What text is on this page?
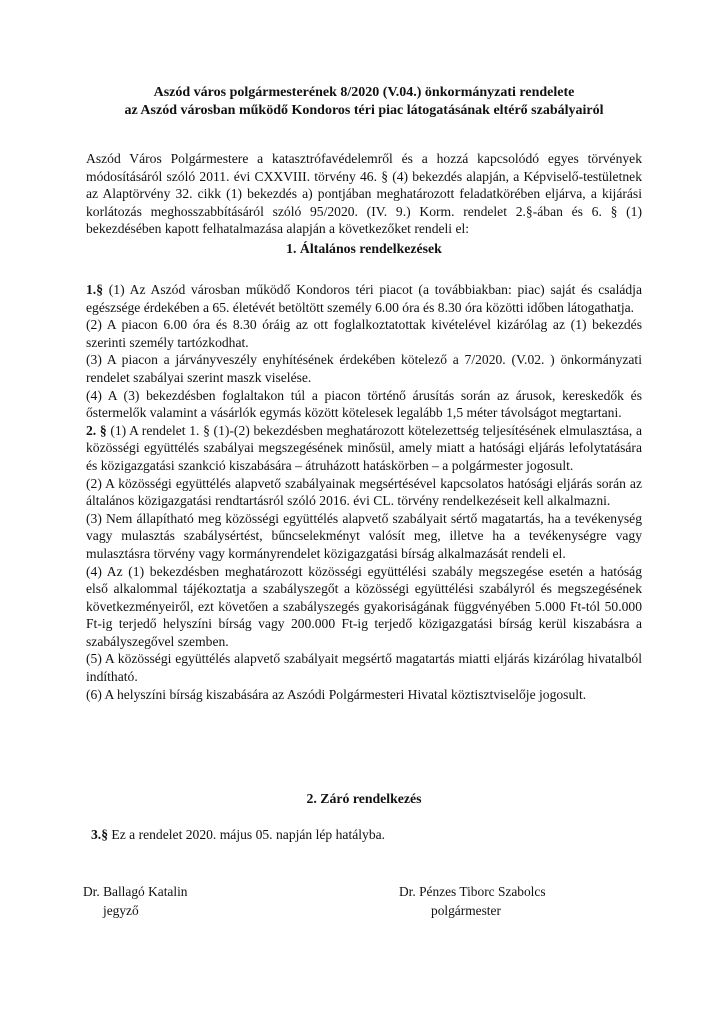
Aszód város polgármesterének 8/2020 (V.04.) önkormányzati rendelete
az Aszód városban működő Kondoros téri piac látogatásának eltérő szabályairól

Aszód Város Polgármestere a katasztrófavédelemről és a hozzá kapcsolódó egyes törvények módosításáról szóló 2011. évi CXXVIII. törvény 46. § (4) bekezdés alapján, a Képviselő-testületnek az Alaptörvény 32. cikk (1) bekezdés a) pontjában meghatározott feladatkörében eljárva, a kijárási korlátozás meghosszabbításáról szóló 95/2020. (IV. 9.) Korm. rendelet 2.§-ában és 6. § (1) bekezdésében kapott felhatalmazása alapján a következőket rendeli el:

1. Általános rendelkezések

1.§ (1) Az Aszód városban működő Kondoros téri piacot (a továbbiakban: piac) saját és családja egészsége érdekében a 65. életévét betöltött személy 6.00 óra és 8.30 óra közötti időben látogathatja.

(2) A piacon 6.00 óra és 8.30 óráig az ott foglalkoztatottak kivételével kizárólag az (1) bekezdés szerinti személy tartózkodhat.

(3) A piacon a járványveszély enyhítésének érdekében kötelező a 7/2020. (V.02. ) önkormányzati rendelet szabályai szerint maszk viselése.

(4) A (3) bekezdésben foglaltakon túl a piacon történő árusítás során az árusok, kereskedők és őstermelők valamint a vásárlók egymás között kötelesek legalább 1,5 méter távolságot megtartani.

2. § (1) A rendelet 1. § (1)-(2) bekezdésben meghatározott kötelezettség teljesítésének elmulasztása, a közösségi együttélés szabályai megszegésének minősül, amely miatt a hatósági eljárás lefolytatására és közigazgatási szankció kiszabására – átruházott hatáskörben – a polgármester jogosult.

(2) A közösségi együttélés alapvető szabályainak megsértésével kapcsolatos hatósági eljárás során az általános közigazgatási rendtartásról szóló 2016. évi CL. törvény rendelkezéseit kell alkalmazni.

(3) Nem állapítható meg közösségi együttélés alapvető szabályait sértő magatartás, ha a tevékenység vagy mulasztás szabálysértést, bűncselekményt valósít meg, illetve ha a tevékenységre vagy mulasztásra törvény vagy kormányrendelet közigazgatási bírság alkalmazását rendeli el.

(4) Az (1) bekezdésben meghatározott közösségi együttélési szabály megszegése esetén a hatóság első alkalommal tájékoztatja a szabályszegőt a közösségi együttélési szabályról és megszegésének következményeiről, ezt követően a szabályszegés gyakoriságának függvényében 5.000 Ft-tól 50.000 Ft-ig terjedő helyszíni bírság vagy 200.000 Ft-ig terjedő közigazgatási bírság kerül kiszabásra a szabályszegővel szemben.

(5) A közösségi együttélés alapvető szabályait megsértő magatartás miatti eljárás kizárólag hivatalból indítható.

(6) A helyszíni bírság kiszabására az Aszódi Polgármesteri Hivatal köztisztviselője jogosult.

2. Záró rendelkezés

3.§ Ez a rendelet 2020. május 05. napján lép hatályba.

Dr. Ballagó Katalin
jegyző
Dr. Pénzes Tiborc Szabolcs
polgármester
